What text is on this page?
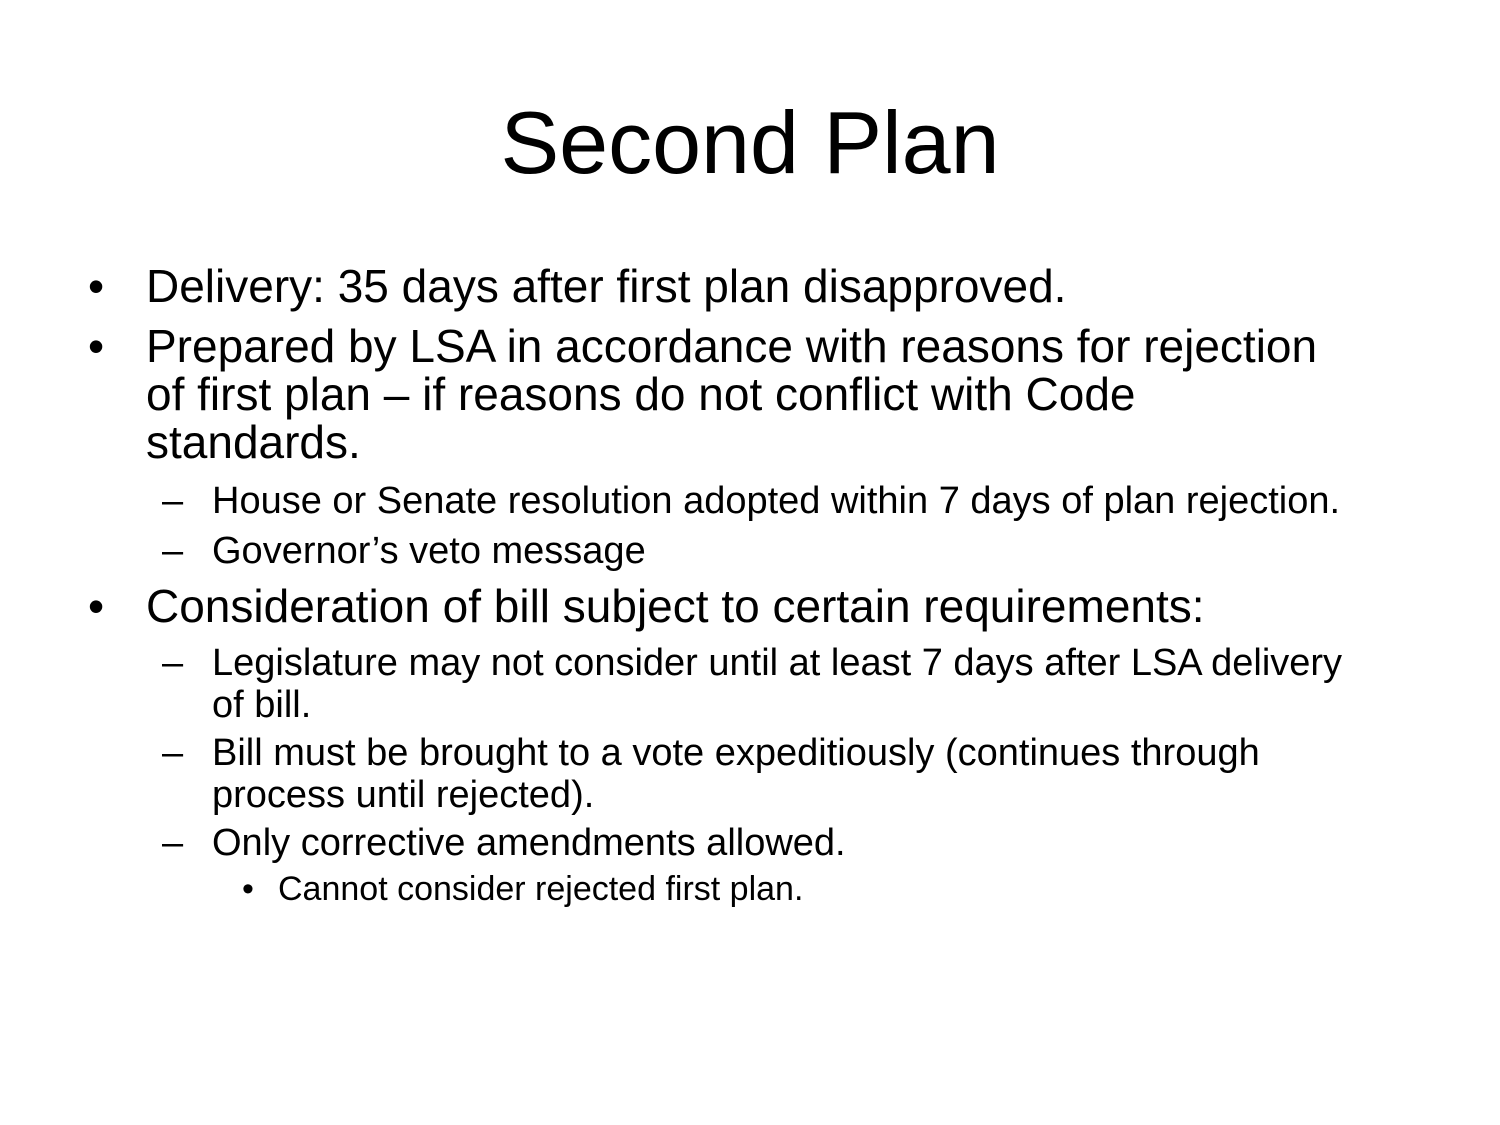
Second Plan
• Delivery: 35 days after first plan disapproved.
• Prepared by LSA in accordance with reasons for rejection of first plan – if reasons do not conflict with Code standards.
– House or Senate resolution adopted within 7 days of plan rejection.
– Governor’s veto message
• Consideration of bill subject to certain requirements:
– Legislature may not consider until at least 7 days after LSA delivery of bill.
– Bill must be brought to a vote expeditiously (continues through process until rejected).
– Only corrective amendments allowed.
• Cannot consider rejected first plan.
